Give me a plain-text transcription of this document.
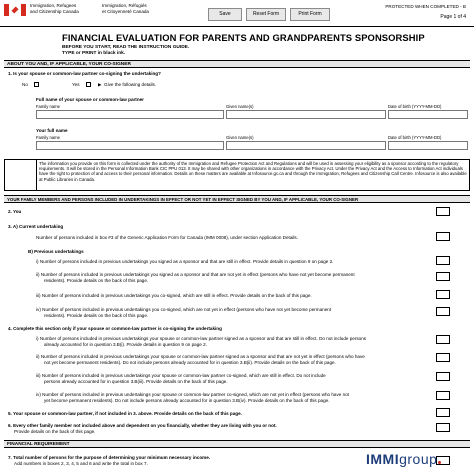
Immigration, Refugees
and Citizenship Canada
Immigration, Réfugiés
et Citoyenneté Canada	Save	Reset Form	Print Form
PROTECTED WHEN COMPLETED - B
Page 1 of 4
FINANCIAL EVALUATION FOR PARENTS AND GRANDPARENTS SPONSORSHIP
BEFORE YOU START, READ THE INSTRUCTION GUIDE.
TYPE or PRINT in black ink.
ABOUT YOU AND, IF APPLICABLE, YOUR CO-SIGNER
1. Is your spouse or common-law partner co-signing the undertaking?
No	Yes	▶ Give the following details.
Full name of your spouse or common-law partner
Family name	Given name(s)	Date of birth (YYYY-MM-DD)
Your full name
Family name	Given name(s)	Date of birth (YYYY-MM-DD)
The information you provide on this form is collected under the authority of the Immigration and Refugee Protection Act and Regulations and will be used in assessing your eligibility as a sponsor according to the regulatory requirements. It will be stored in the Personal Information Bank CIC PPU 013. It may be shared with other organizations in accordance with the Privacy Act. Under the Privacy Act and the Access to Information Act individuals have the right to protection of and access to their personal information. Details on these matters are available at Infosource.gc.ca and through the Immigration, Refugees and Citizenship Call Centre. Infosource is also available at Public Libraries in Canada.
YOUR FAMILY MEMBERS AND PERSONS INCLUDED IN UNDERTAKINGS IN EFFECT OR NOT YET IN EFFECT SIGNED BY YOU AND, IF APPLICABLE, YOUR CO-SIGNER
2. You
3. A) Current undertaking
Number of persons included in box #3 of the Generic Application Form for Canada (IMM 0008), under section Application Details.
B) Previous undertakings
i) Number of persons included in previous undertakings you signed as a sponsor and that are still in effect. Provide details in question 9 on page 2.
ii) Number of persons included in previous undertakings you signed as a sponsor and that are not yet in effect (persons who have not yet become permanent
residents). Provide details on the back of this page.
iii) Number of persons included in previous undertakings you co-signed, which are still in effect. Provide details on the back of this page.
iv) Number of persons included in previous undertakings you co-signed, which are not yet in effect (persons who have not yet become permanent
residents). Provide details on the back of this page.
4. Complete this section only if your spouse or common-law partner is co-signing the undertaking
i) Number of persons included in previous undertakings your spouse or common-law partner signed as a sponsor and that are still in effect. Do not include persons
already accounted for in question 3.B(i). Provide details in question 9 on page 2.
ii) Number of persons included in previous undertakings your spouse or common-law partner signed as a sponsor and that are not yet in effect (persons who have
not yet become permanent residents). Do not include persons already accounted for in question 3.B(ii). Provide details on the back of this page.
iii) Number of persons included in previous undertakings your spouse or common-law partner co-signed, which are still in effect. Do not include
persons already accounted for in question 3.B(iii). Provide details on the back of this page.
iv) Number of persons included in previous undertakings your spouse or common-law partner co-signed, which are not yet in effect (persons who have not
yet become permanent residents). Do not include persons already accounted for in question 3.B(iv). Provide details on the back of this page.
5. Your spouse or common-law partner, if not included in 3. above. Provide details on the back of this page.
6. Every other family member not included above and dependent on you financially, whether they are living with you or not.
Provide details on the back of this page.
FINANCIAL REQUIREMENT
7. Total number of persons for the purpose of determining your minimum necessary income.
Add numbers in boxes 2, 3, 4, 5 and 6 and write the total in box 7.	IMMIgroup
